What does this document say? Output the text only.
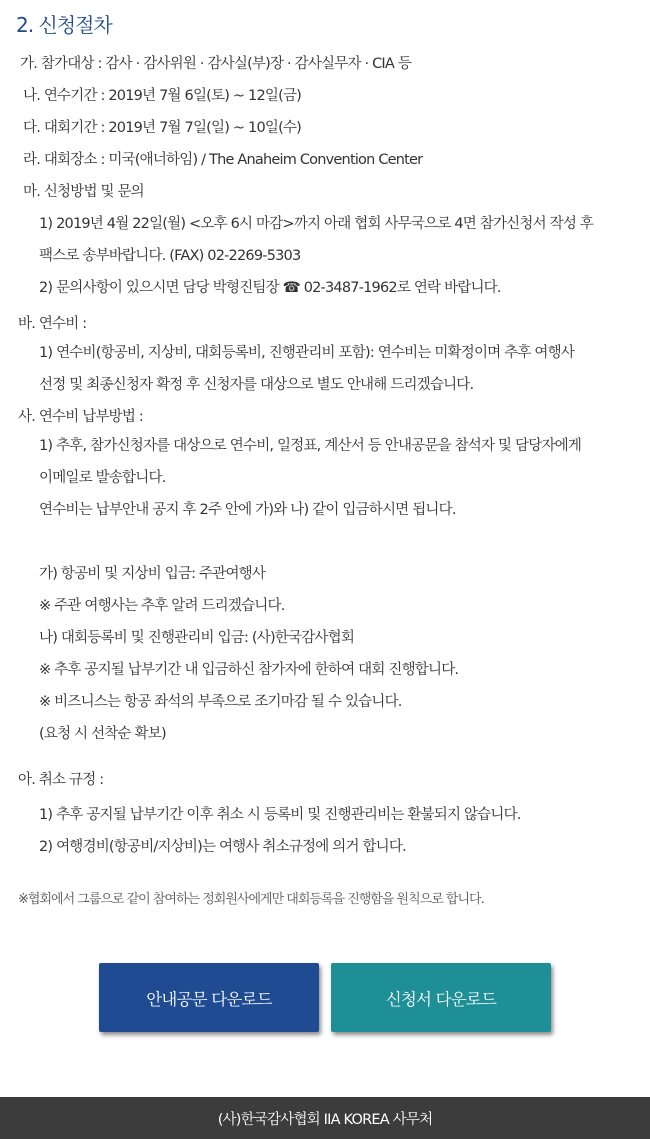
2. 신청절차
가. 참가대상 : 감사 · 감사위원 · 감사실(부)장 · 감사실무자 · CIA 등
나. 연수기간 : 2019년 7월 6일(토) ~ 12일(금)
다. 대회기간 : 2019년 7월 7일(일) ~ 10일(수)
라. 대회장소 : 미국(애너하임) / The Anaheim Convention Center
마. 신청방법 및 문의
1) 2019년 4월 22일(월) <오후 6시 마감>까지 아래 협회 사무국으로 4면 참가신청서 작성 후
팩스로 송부바랍니다. (FAX) 02-2269-5303
2) 문의사항이 있으시면 담당 박형진팀장 ☎ 02-3487-1962로 연락 바랍니다.
바. 연수비 :
1) 연수비(항공비, 지상비, 대회등록비, 진행관리비 포함): 연수비는 미확정이며 추후 여행사
선정 및 최종신청자 확정 후 신청자를 대상으로 별도 안내해 드리겠습니다.
사. 연수비 납부방법 :
1) 추후, 참가신청자를 대상으로 연수비, 일정표, 계산서 등 안내공문을 참석자 및 담당자에게
이메일로 발송합니다.
연수비는 납부안내 공지 후 2주 안에 가)와 나) 같이 입금하시면 됩니다.
가) 항공비 및 지상비 입금: 주관여행사
※ 주관 여행사는 추후 알려 드리겠습니다.
나) 대회등록비 및 진행관리비 입금: (사)한국감사협회
※ 추후 공지될 납부기간 내 입금하신 참가자에 한하여 대회 진행합니다.
※ 비즈니스는 항공 좌석의 부족으로 조기마감 될 수 있습니다.
(요청 시 선착순 확보)
아. 취소 규정 :
1) 추후 공지될 납부기간 이후 취소 시 등록비 및 진행관리비는 환불되지 않습니다.
2) 여행경비(항공비/지상비)는 여행사 취소규정에 의거 합니다.
※협회에서 그룹으로 같이 참여하는 정회원사에게만 대회등록을 진행함을 원칙으로 합니다.
안내공문 다운로드	신청서 다운로드
(사)한국감사협회 IIA KOREA 사무처
